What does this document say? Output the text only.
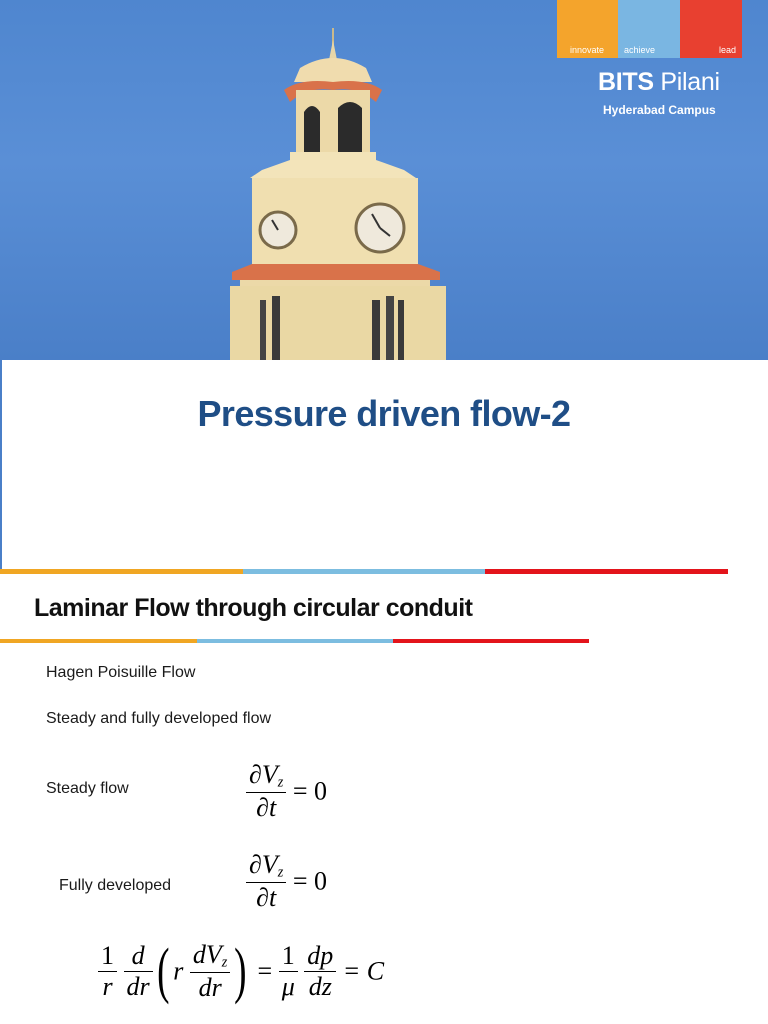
innovate achieve	lead

BITS Pilani

Hyderabad Campus
Pressure driven flow-2
Laminar Flow through circular conduit
Hagen Poisuille Flow
Steady and fully developed flow
Steady flow
Fully developed
$\frac{\partial V_z}{\partial t} = 0$
$\frac{\partial V_z}{\partial t} = 0$
$\frac{1}{r}$
$\frac{d}{dr}$ ( r $\frac{dV_z}{dr}$ ) = $\frac{1}{\mu}$
$\frac{dp}{dz} = C$
